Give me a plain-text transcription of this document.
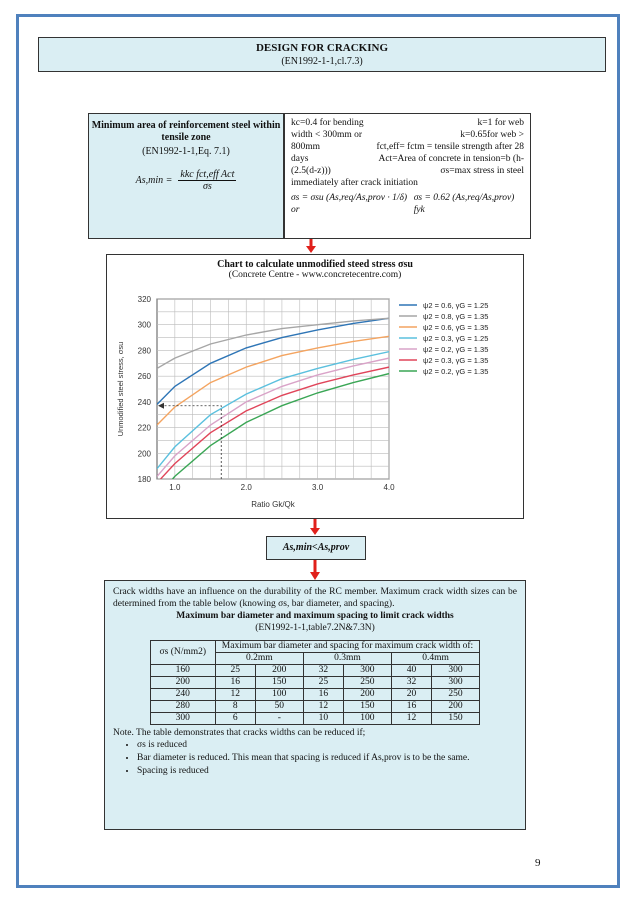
DESIGN FOR CRACKING
(EN1992-1-1,cl.7.3)
Minimum area of reinforcement steel within tensile zone
(EN1992-1-1,Eq. 7.1)
$As,\min = \frac{\text{kkc fct,eff Act}}{\sigma s}$
kc=0.4 for bending	k=1 for web
width < 300mm or	k=0.65for web >
800mm	fct,eff= fctm = tensile strength after 28
days	Act=Area of concrete in tension=b (h-
(2.5(d-z)))	σs=max stress in steel
immediately after crack initiation
σs = σsu (As,req/As,prov · 1/δ) or
σs = 0.62 (As,req/As,prov) fyk
Chart to calculate unmodified steed stress σsu
(Concrete Centre - www.concretecentre.com)
180
200
220
240
260
280
300
320
1.0	2.0	3.0	4.0
Ratio Gk/Qk
Unmodified steel stress, σsu
ψ2 = 0.6, γG = 1.25
ψ2 = 0.8, γG = 1.35
ψ2 = 0.6, γG = 1.35
ψ2 = 0.3, γG = 1.25
ψ2 = 0.2, γG = 1.35
ψ2 = 0.3, γG = 1.35
ψ2 = 0.2, γG = 1.35
As,min<As,prov
Crack widths have an influence on the durability of the RC member. Maximum crack width sizes can be determined from the table below (knowing σs, bar diameter, and spacing).
Maximum bar diameter and maximum spacing to limit crack widths
(EN1992-1-1,table7.2N&7.3N)
σs (N/mm2)	Maximum bar diameter and spacing for maximum crack width of:					
	0.2mm		0.3mm		0.4mm	
160	25	200	32	300	40	300
200	16	150	25	250	32	300
240	12	100	16	200	20	250
280	8	50	12	150	16	200
300	6	-	10	100	12	150
Note. The table demonstrates that cracks widths can be reduced if;
• σs is reduced
• Bar diameter is reduced. This mean that spacing is reduced if As,prov is to be the same.
• Spacing is reduced
9
